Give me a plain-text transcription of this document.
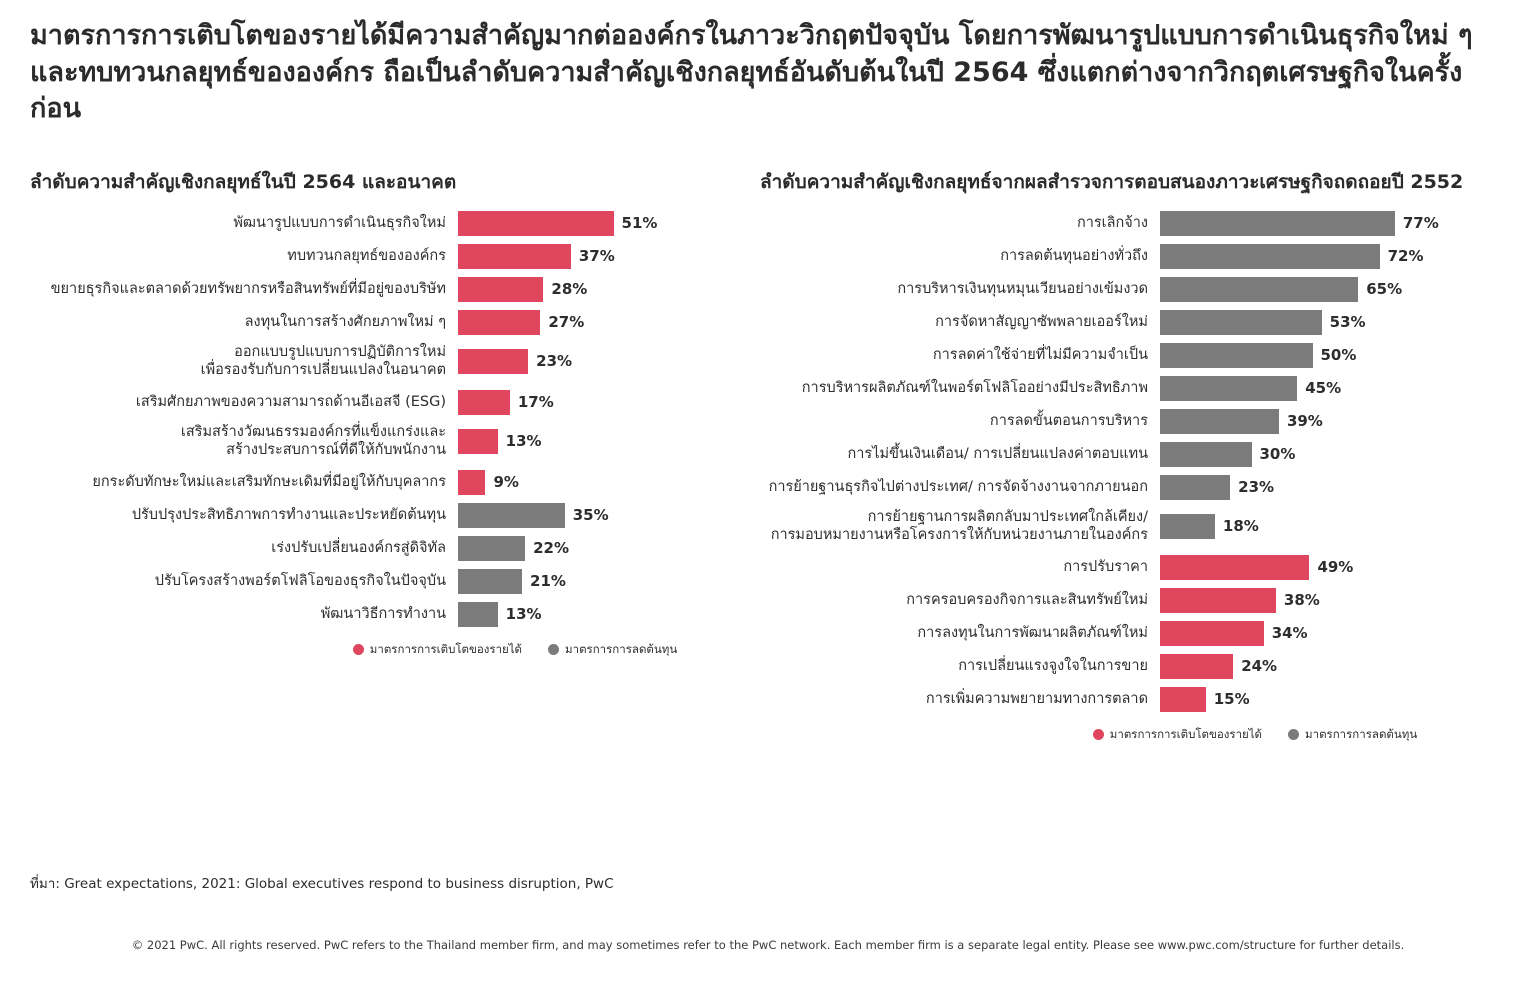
มาตรการการเติบโตของรายได้มีความสำคัญมากต่อองค์กรในภาวะวิกฤตปัจจุบัน โดยการพัฒนารูปแบบการดำเนินธุรกิจใหม่ ๆ และทบทวนกลยุทธ์ขององค์กร ถือเป็นลำดับความสำคัญเชิงกลยุทธ์อันดับต้นในปี 2564 ซึ่งแตกต่างจากวิกฤตเศรษฐกิจในครั้งก่อน
ลำดับความสำคัญเชิงกลยุทธ์ในปี 2564 และอนาคต
พัฒนารูปแบบการดำเนินธุรกิจใหม่	51%
ทบทวนกลยุทธ์ขององค์กร	37%
ขยายธุรกิจและตลาดด้วยทรัพยากรหรือสินทรัพย์ที่มีอยู่ของบริษัท	28%
ลงทุนในการสร้างศักยภาพใหม่ ๆ	27%
ออกแบบรูปแบบการปฏิบัติการใหม่
เพื่อรองรับกับการเปลี่ยนแปลงในอนาคต	23%
เสริมศักยภาพของความสามารถด้านอีเอสจี (ESG)	17%
เสริมสร้างวัฒนธรรมองค์กรที่แข็งแกร่งและ
สร้างประสบการณ์ที่ดีให้กับพนักงาน	13%
ยกระดับทักษะใหม่และเสริมทักษะเดิมที่มีอยู่ให้กับบุคลากร	9%
ปรับปรุงประสิทธิภาพการทำงานและประหยัดต้นทุน	35%
เร่งปรับเปลี่ยนองค์กรสู่ดิจิทัล	22%
ปรับโครงสร้างพอร์ตโฟลิโอของธุรกิจในปัจจุบัน	21%
พัฒนาวิธีการทำงาน	13%
มาตรการการเติบโตของรายได้	มาตรการการลดต้นทุน
ลำดับความสำคัญเชิงกลยุทธ์จากผลสำรวจการตอบสนองภาวะเศรษฐกิจถดถอยปี 2552
การเลิกจ้าง	77%
การลดต้นทุนอย่างทั่วถึง	72%
การบริหารเงินทุนหมุนเวียนอย่างเข้มงวด	65%
การจัดหาสัญญาซัพพลายเออร์ใหม่	53%
การลดค่าใช้จ่ายที่ไม่มีความจำเป็น	50%
การบริหารผลิตภัณฑ์ในพอร์ตโฟลิโออย่างมีประสิทธิภาพ	45%
การลดขั้นตอนการบริหาร	39%
การไม่ขึ้นเงินเดือน/ การเปลี่ยนแปลงค่าตอบแทน	30%
การย้ายฐานธุรกิจไปต่างประเทศ/ การจัดจ้างงานจากภายนอก	23%
การย้ายฐานการผลิตกลับมาประเทศใกล้เคียง/
การมอบหมายงานหรือโครงการให้กับหน่วยงานภายในองค์กร	18%
การปรับราคา	49%
การครอบครองกิจการและสินทรัพย์ใหม่	38%
การลงทุนในการพัฒนาผลิตภัณฑ์ใหม่	34%
การเปลี่ยนแรงจูงใจในการขาย	24%
การเพิ่มความพยายามทางการตลาด	15%
มาตรการการเติบโตของรายได้	มาตรการการลดต้นทุน
ที่มา: Great expectations, 2021: Global executives respond to business disruption, PwC
© 2021 PwC. All rights reserved. PwC refers to the Thailand member firm, and may sometimes refer to the PwC network. Each member firm is a separate legal entity. Please see www.pwc.com/structure for further details.
